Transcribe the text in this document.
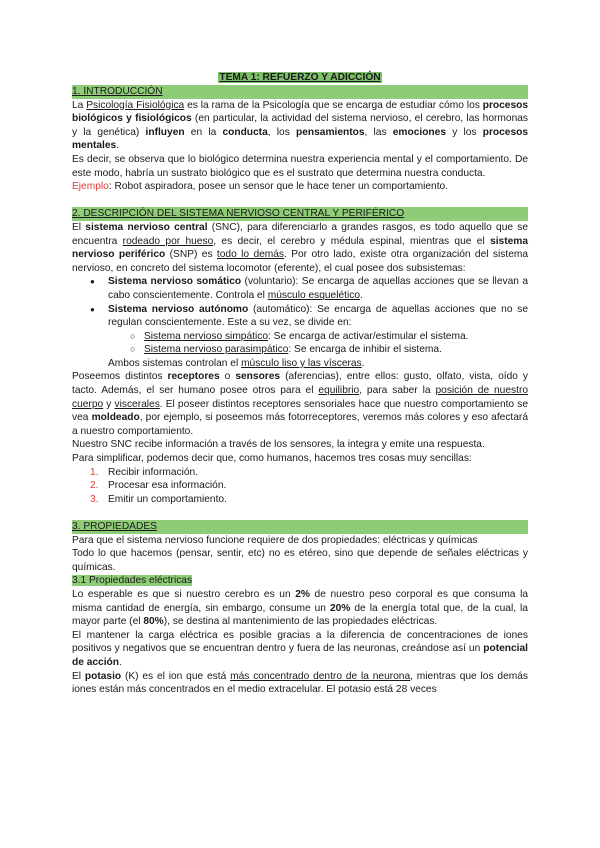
TEMA 1: REFUERZO Y ADICCIÓN

1. INTRODUCCIÓN

La Psicología Fisiológica es la rama de la Psicología que se encarga de estudiar cómo los procesos biológicos y fisiológicos (en particular, la actividad del sistema nervioso, el cerebro, las hormonas y la genética) influyen en la conducta, los pensamientos, las emociones y los procesos mentales.

Es decir, se observa que lo biológico determina nuestra experiencia mental y el comportamiento. De este modo, habría un sustrato biológico que es el sustrato que determina nuestra conducta.

Ejemplo: Robot aspiradora, posee un sensor que le hace tener un comportamiento.

2. DESCRIPCIÓN DEL SISTEMA NERVIOSO CENTRAL Y PERIFÉRICO

El sistema nervioso central (SNC), para diferenciarlo a grandes rasgos, es todo aquello que se encuentra rodeado por hueso, es decir, el cerebro y médula espinal, mientras que el sistema nervioso periférico (SNP) es todo lo demás. Por otro lado, existe otra organización del sistema nervioso, en concreto del sistema locomotor (eferente), el cual posee dos subsistemas:

● Sistema nervioso somático (voluntario): Se encarga de aquellas acciones que se llevan a cabo conscientemente. Controla el músculo esquelético.
● Sistema nervioso autónomo (automático): Se encarga de aquellas acciones que no se regulan conscientemente. Este a su vez, se divide en:
○ Sistema nervioso simpático: Se encarga de activar/estimular el sistema.
○ Sistema nervioso parasimpático: Se encarga de inhibir el sistema.

Ambos sistemas controlan el músculo liso y las vísceras.

Poseemos distintos receptores o sensores (aferencias), entre ellos: gusto, olfato, vista, oído y tacto. Además, el ser humano posee otros para el equilibrio, para saber la posición de nuestro cuerpo y viscerales. El poseer distintos receptores sensoriales hace que nuestro comportamiento se vea moldeado, por ejemplo, si poseemos más fotorreceptores, veremos más colores y eso afectará a nuestro comportamiento.

Nuestro SNC recibe información a través de los sensores, la integra y emite una respuesta.

Para simplificar, podemos decir que, como humanos, hacemos tres cosas muy sencillas:

1. Recibir información.
2. Procesar esa información.
3. Emitir un comportamiento.

3. PROPIEDADES

Para que el sistema nervioso funcione requiere de dos propiedades: eléctricas y químicas

Todo lo que hacemos (pensar, sentir, etc) no es etéreo, sino que depende de señales eléctricas y químicas.

3.1 Propiedades eléctricas

Lo esperable es que si nuestro cerebro es un 2% de nuestro peso corporal es que consuma la misma cantidad de energía, sin embargo, consume un 20% de la energía total que, de la cual, la mayor parte (el 80%), se destina al mantenimiento de las propiedades eléctricas.

El mantener la carga eléctrica es posible gracias a la diferencia de concentraciones de iones positivos y negativos que se encuentran dentro y fuera de las neuronas, creándose así un potencial de acción.

El potasio (K) es el ion que está más concentrado dentro de la neurona, mientras que los demás iones están más concentrados en el medio extracelular. El potasio está 28 veces
